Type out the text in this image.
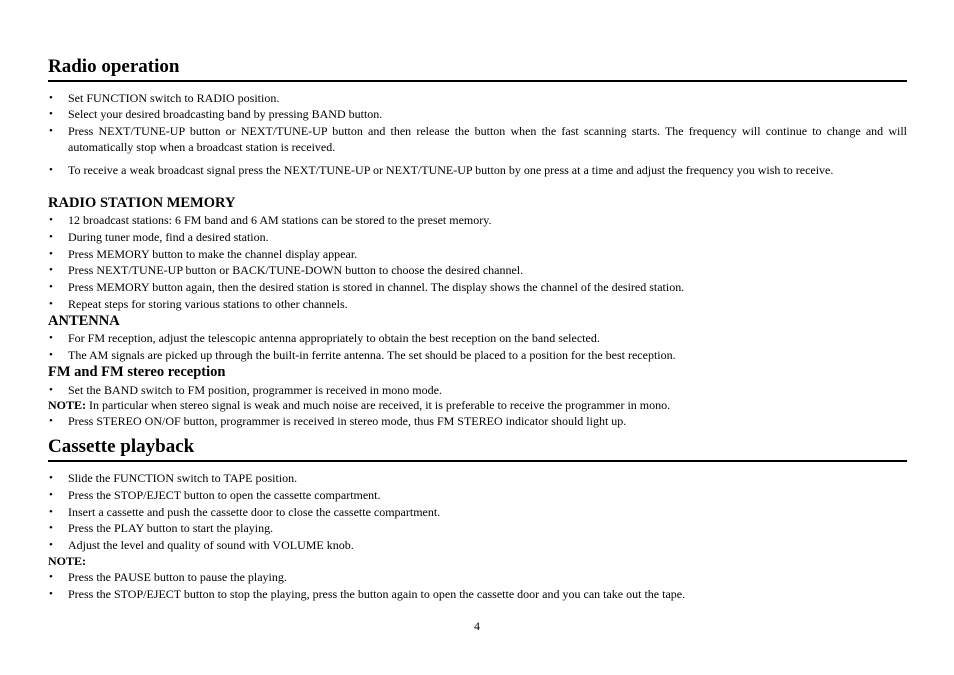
Radio operation
• Set FUNCTION switch to RADIO position.
• Select your desired broadcasting band by pressing BAND button.
• Press NEXT/TUNE-UP button or NEXT/TUNE-UP button and then release the button when the fast scanning starts. The frequency will continue to change and will automatically stop when a broadcast station is received.
• To receive a weak broadcast signal press the NEXT/TUNE-UP or NEXT/TUNE-UP button by one press at a time and adjust the frequency you wish to receive.
RADIO STATION MEMORY
• 12 broadcast stations: 6 FM band and 6 AM stations can be stored to the preset memory.
• During tuner mode, find a desired station.
• Press MEMORY button to make the channel display appear.
• Press NEXT/TUNE-UP button or BACK/TUNE-DOWN button to choose the desired channel.
• Press MEMORY button again, then the desired station is stored in channel. The display shows the channel of the desired station.
• Repeat steps for storing various stations to other channels.
ANTENNA
• For FM reception, adjust the telescopic antenna appropriately to obtain the best reception on the band selected.
• The AM signals are picked up through the built-in ferrite antenna. The set should be placed to a position for the best reception.
FM and FM stereo reception
• Set the BAND switch to FM position, programmer is received in mono mode.
NOTE: In particular when stereo signal is weak and much noise are received, it is preferable to receive the programmer in mono.
• Press STEREO ON/OF button, programmer is received in stereo mode, thus FM STEREO indicator should light up.
Cassette playback
• Slide the FUNCTION switch to TAPE position.
• Press the STOP/EJECT button to open the cassette compartment.
• Insert a cassette and push the cassette door to close the cassette compartment.
• Press the PLAY button to start the playing.
• Adjust the level and quality of sound with VOLUME knob.
NOTE:
• Press the PAUSE button to pause the playing.
• Press the STOP/EJECT button to stop the playing, press the button again to open the cassette door and you can take out the tape.
4
